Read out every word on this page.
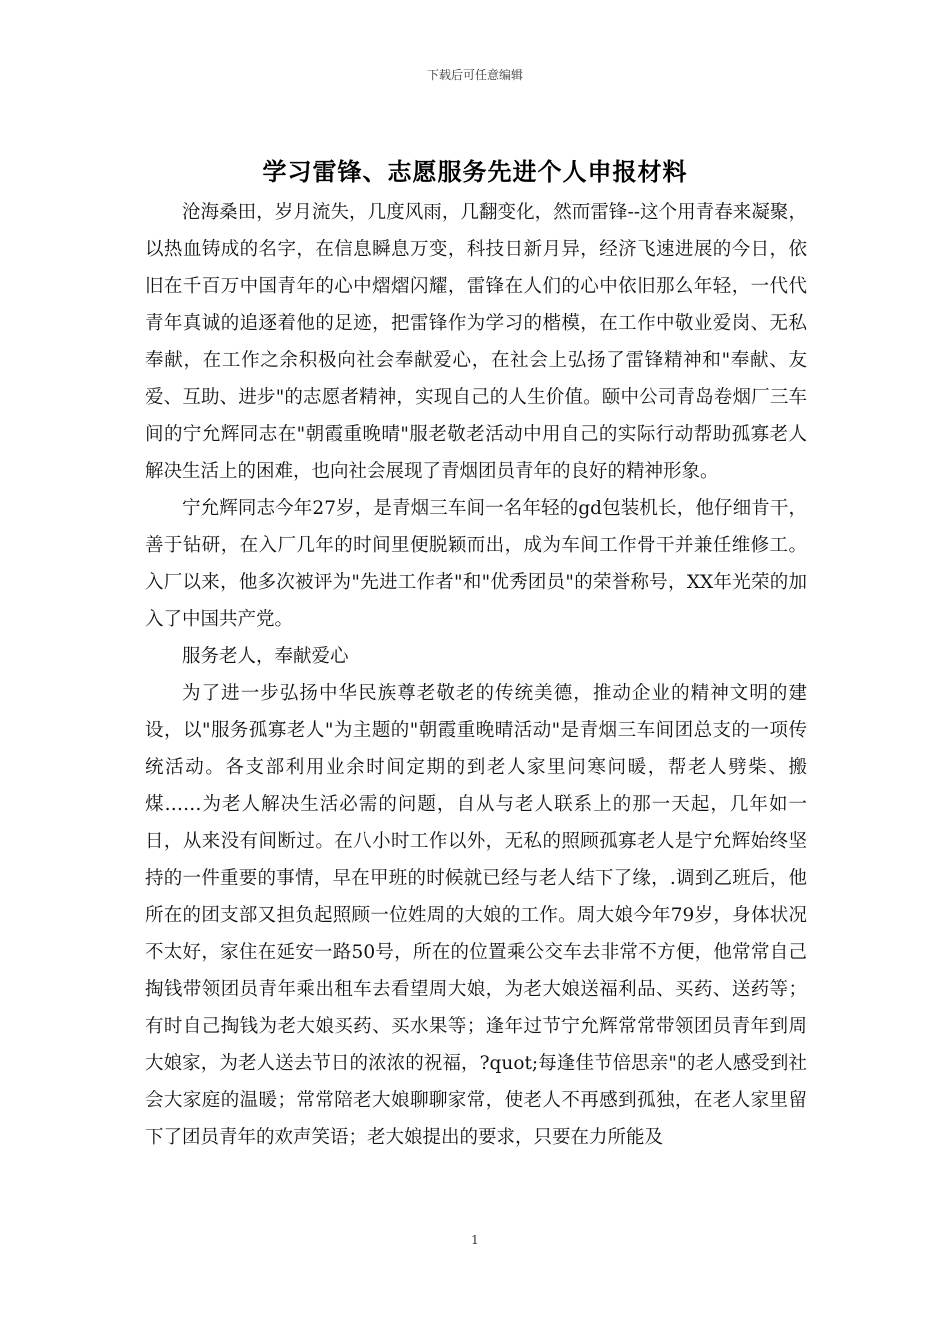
下载后可任意编辑
学习雷锋、志愿服务先进个人申报材料

沧海桑田，岁月流失，几度风雨，几翻变化，然而雷锋--这个用青春来凝聚，以热血铸成的名字，在信息瞬息万变，科技日新月异，经济飞速进展的今日，依旧在千百万中国青年的心中熠熠闪耀，雷锋在人们的心中依旧那么年轻，一代代青年真诚的追逐着他的足迹，把雷锋作为学习的楷模，在工作中敬业爱岗、无私奉献，在工作之余积极向社会奉献爱心，在社会上弘扬了雷锋精神和"奉献、友爱、互助、进步"的志愿者精神，实现自己的人生价值。颐中公司青岛卷烟厂三车间的宁允辉同志在"朝霞重晚晴"服老敬老活动中用自己的实际行动帮助孤寡老人解决生活上的困难，也向社会展现了青烟团员青年的良好的精神形象。

宁允辉同志今年27岁，是青烟三车间一名年轻的gd包装机长，他仔细肯干，善于钻研，在入厂几年的时间里便脱颖而出，成为车间工作骨干并兼任维修工。入厂以来，他多次被评为"先进工作者"和"优秀团员"的荣誉称号，XX年光荣的加入了中国共产党。

服务老人，奉献爱心

为了进一步弘扬中华民族尊老敬老的传统美德，推动企业的精神文明的建设，以"服务孤寡老人"为主题的"朝霞重晚晴活动"是青烟三车间团总支的一项传统活动。各支部利用业余时间定期的到老人家里问寒问暖，帮老人劈柴、搬煤……为老人解决生活必需的问题，自从与老人联系上的那一天起，几年如一日，从来没有间断过。在八小时工作以外，无私的照顾孤寡老人是宁允辉始终坚持的一件重要的事情，早在甲班的时候就已经与老人结下了缘，.调到乙班后，他所在的团支部又担负起照顾一位姓周的大娘的工作。周大娘今年79岁，身体状况不太好，家住在延安一路50号，所在的位置乘公交车去非常不方便，他常常自己掏钱带领团员青年乘出租车去看望周大娘，为老大娘送福利品、买药、送药等；有时自己掏钱为老大娘买药、买水果等；逢年过节宁允辉常常带领团员青年到周大娘家，为老人送去节日的浓浓的祝福，?quot;每逢佳节倍思亲"的老人感受到社会大家庭的温暖；常常陪老大娘聊聊家常，使老人不再感到孤独，在老人家里留下了团员青年的欢声笑语；老大娘提出的要求，只要在力所能及

1
